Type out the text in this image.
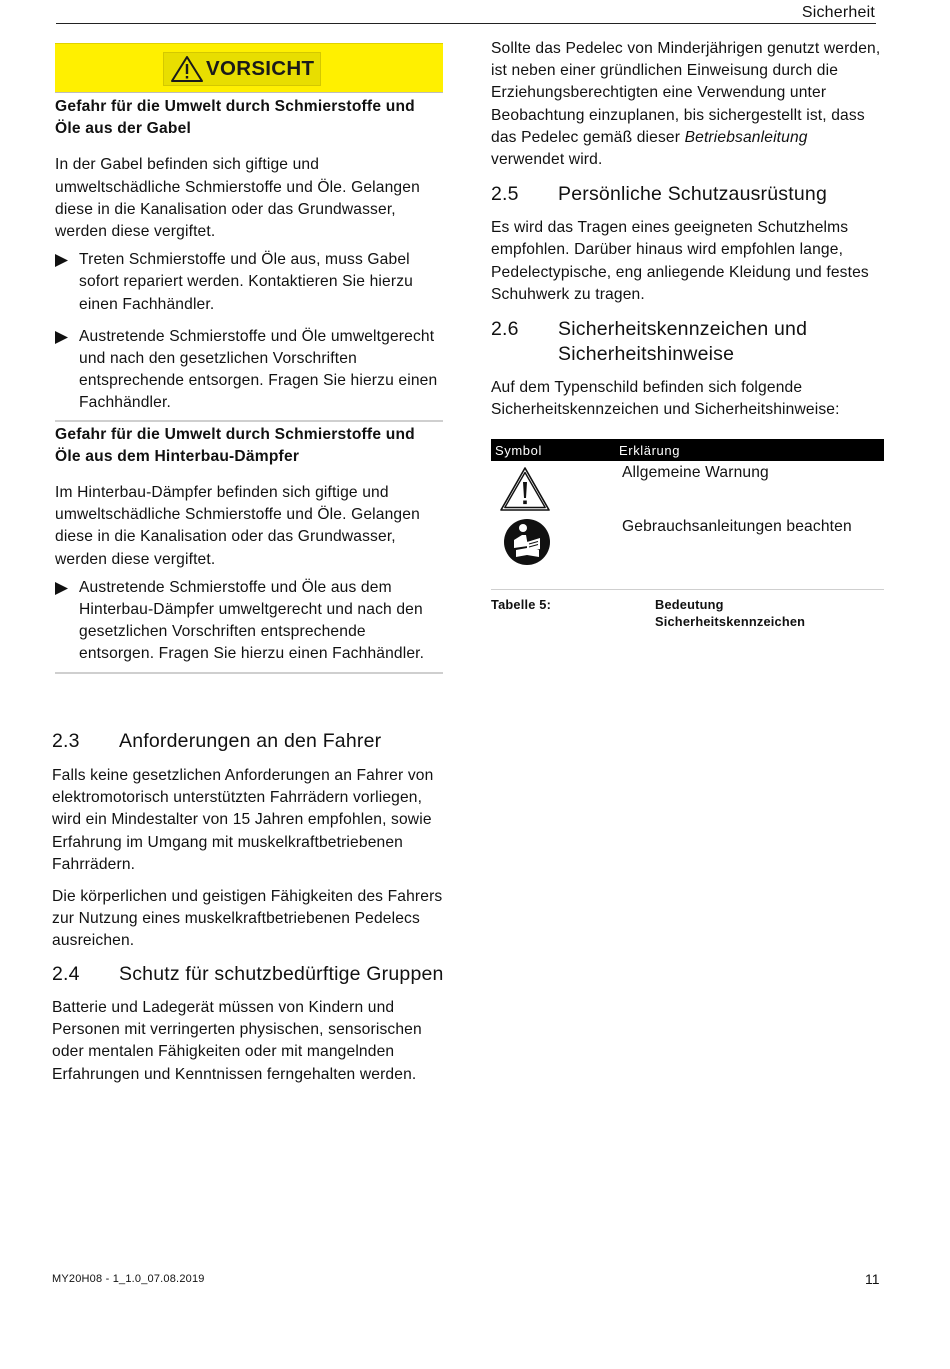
Sicherheit
VORSICHT
Gefahr für die Umwelt durch Schmierstoffe und Öle aus der Gabel

In der Gabel befinden sich giftige und umweltschädliche Schmierstoffe und Öle. Gelangen diese in die Kanalisation oder das Grundwasser, werden diese vergiftet.

Treten Schmierstoffe und Öle aus, muss Gabel sofort repariert werden. Kontaktieren Sie hierzu einen Fachhändler.

Austretende Schmierstoffe und Öle umweltgerecht und nach den gesetzlichen Vorschriften entsprechende entsorgen. Fragen Sie hierzu einen Fachhändler.

Gefahr für die Umwelt durch Schmierstoffe und Öle aus dem Hinterbau-Dämpfer

Im Hinterbau-Dämpfer befinden sich giftige und umweltschädliche Schmierstoffe und Öle. Gelangen

diese in die Kanalisation oder das Grundwasser, werden diese vergiftet.

Austretende Schmierstoffe und Öle aus dem Hinterbau-Dämpfer umweltgerecht und nach den gesetzlichen Vorschriften entsprechende entsorgen. Fragen Sie hierzu einen Fachhändler.

2.3	Anforderungen an den Fahrer

Falls keine gesetzlichen Anforderungen an Fahrer von elektromotorisch unterstützten Fahrrädern vorliegen, wird ein Mindestalter von 15 Jahren empfohlen, sowie Erfahrung im Umgang mit muskelkraftbetriebenen Fahrrädern.

Die körperlichen und geistigen Fähigkeiten des Fahrers zur Nutzung eines muskelkraftbetriebenen Pedelecs ausreichen.

2.4	Schutz für schutzbedürftige Gruppen

Batterie und Ladegerät müssen von Kindern und Personen mit verringerten physischen, sensorischen oder mentalen Fähigkeiten oder mit mangelnden Erfahrungen und Kenntnissen ferngehalten werden.

Sollte das Pedelec von Minderjährigen genutzt werden, ist neben einer gründlichen Einweisung durch die Erziehungsberechtigten eine Verwendung unter Beobachtung einzuplanen, bis sichergestellt ist, dass das Pedelec gemäß dieser Betriebsanleitung verwendet wird.

2.5	Persönliche Schutzausrüstung

Es wird das Tragen eines geeigneten Schutzhelms empfohlen. Darüber hinaus wird empfohlen lange, Pedelectypische, eng anliegende Kleidung und festes Schuhwerk zu tragen.

2.6	Sicherheitskennzeichen und Sicherheitshinweise

Auf dem Typenschild befinden sich folgende Sicherheitskennzeichen und Sicherheitshinweise:

Symbol	Erklärung
Allgemeine Warnung
Gebrauchsanleitungen beachten
Tabelle 5:	Bedeutung Sicherheitskennzeichen
MY20H08 - 1_1.0_07.08.2019	11
